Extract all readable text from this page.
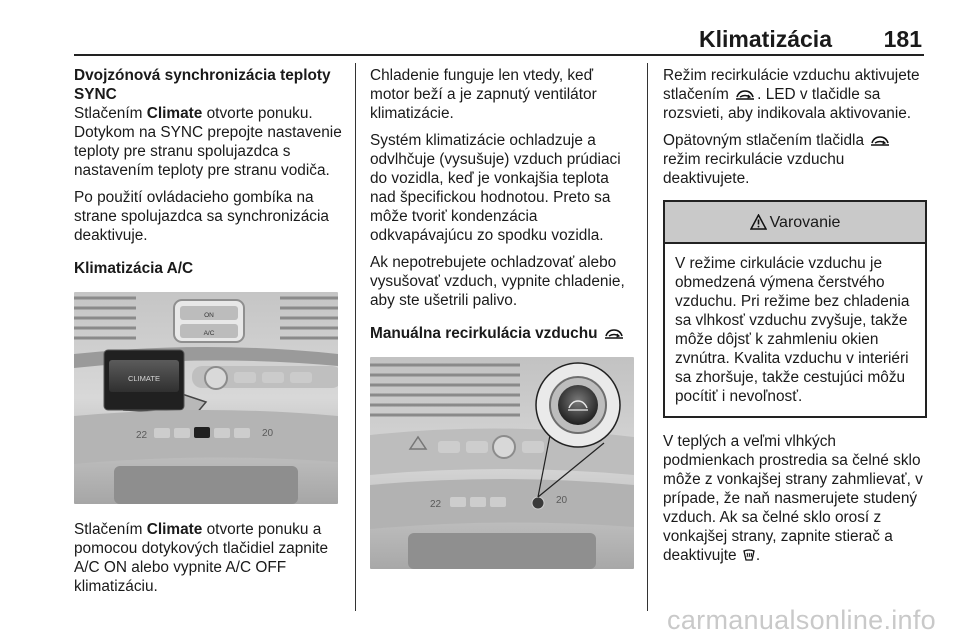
Klimatizácia 181

Dvojzónová synchronizácia teploty SYNC

Stlačením Climate otvorte ponuku. Dotykom na SYNC prepojte nastavenie teploty pre stranu spolujazdca s nastavením teploty pre stranu vodiča.

Po použití ovládacieho gombíka na strane spolujazdca sa synchronizácia deaktivuje.

Klimatizácia A/C

ON
A/C
CLIMATE
22	20

Stlačením Climate otvorte ponuku a pomocou dotykových tlačidiel zapnite A/C ON alebo vypnite A/C OFF klimatizáciu.

Chladenie funguje len vtedy, keď motor beží a je zapnutý ventilátor klimatizácie.

Systém klimatizácie ochladzuje a odvlhčuje (vysušuje) vzduch prúdiaci do vozidla, keď je vonkajšia teplota nad špecifickou hodnotou. Preto sa môže tvoriť kondenzácia odkvapávajúcu zo spodku vozidla.

Ak nepotrebujete ochladzovať alebo vysušovať vzduch, vypnite chladenie, aby ste ušetrili palivo.

Manuálna recirkulácia vzduchu

22	20

Režim recirkulácie vzduchu aktivujete stlačením . LED v tlačidle sa rozsvieti, aby indikovala aktivovanie.

Opätovným stlačením tlačidla  režim recirkulácie vzduchu deaktivujete.

Varovanie
V režime cirkulácie vzduchu je obmedzená výmena čerstvého vzduchu. Pri režime bez chladenia sa vlhkosť vzduchu zvyšuje, takže môže dôjsť k zahmleniu okien zvnútra. Kvalita vzduchu v interiéri sa zhoršuje, takže cestujúci môžu pocítiť i nevoľnosť.

V teplých a veľmi vlhkých podmienkach prostredia sa čelné sklo môže z vonkajšej strany zahmlievať, v prípade, že naň nasmerujete studený vzduch. Ak sa čelné sklo orosí z vonkajšej strany, zapnite stierač a deaktivujte .

carmanualsonline.info
